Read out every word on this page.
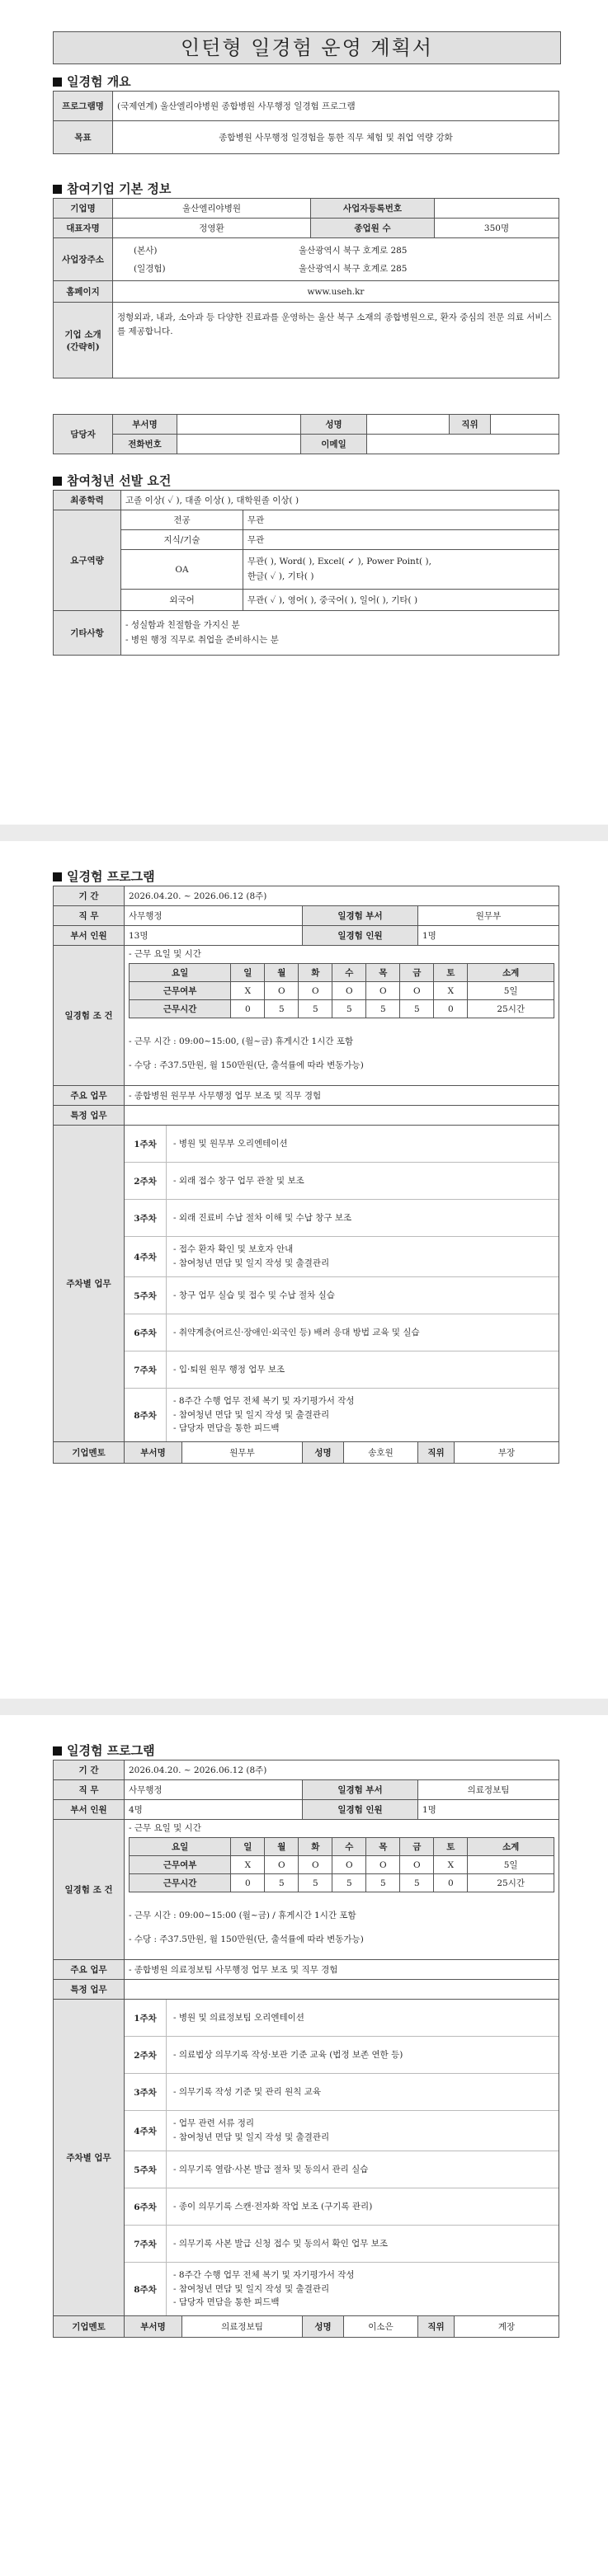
인턴형 일경험 운영 계획서
일경험 개요
프로그램명	(국제연계) 울산엘리야병원 종합병원 사무행정 일경험 프로그램
목표	종합병원 사무행정 일경험을 통한 직무 체험 및 취업 역량 강화
참여기업 기본 정보
기업명	울산엘리야병원	사업자등록번호	
대표자명	정영환	종업원 수	350명
사업장주소	(본사) 울산광역시 북구 호계로 285
(일경험) 울산광역시 북구 호계로 285		

홈페이지	www.useh.kr		
기업 소개 (간략히)	정형외과, 내과, 소아과 등 다양한 진료과를 운영하는 울산 북구 소재의 종합병원으로, 환자 중심의 전문 의료 서비스를 제공합니다.		
담당자	부서명		성명		직위	
	전화번호		이메일			
참여청년 선발 요건
최종학력	고졸 이상( ✓ ), 대졸 이상( ), 대학원졸 이상( )	
요구역량	전공	무관
	지식/기술	무관
	OA	무관( ), Word( ), Excel( ✓ ), Power Point( ),
한글( ✓ ), 기타( )

	외국어	무관( ✓ ), 영어( ), 중국어( ), 일어( ), 기타( )
기타사항	- 성실함과 친절함을 가지신 분
- 병원 행정 직무로 취업을 준비하시는 분	
일경험 프로그램
기 간	2026.04.20. ~ 2026.06.12 (8주)
직 무	사무행정	일경험 부서	원무부
부서 인원	13명	일경험 인원	1명
일경험 조 건	
- 근무 요일 및 시간
요일	일	월	화	수	목	금	토	소계
근무여부	X	O	O	O	O	O	X	5일
근무시간	0	5	5	5	5	5	0	25시간
- 근무 시간 : 09:00~15:00, (월~금) 휴게시간 1시간 포함
- 수당 : 주37.5만원, 월 150만원(단, 출석률에 따라 변동가능)

주요 업무	- 종합병원 원무부 사무행정 업무 보조 및 직무 경험
특정 업무	
주차별 업무	
1주차	- 병원 및 원무부 오리엔테이션
2주차	- 외래 접수 창구 업무 관찰 및 보조
3주차	- 외래 진료비 수납 절차 이해 및 수납 창구 보조
4주차
- 접수 환자 확인 및 보호자 안내
- 참여청년 면담 및 일지 작성 및 출결관리
5주차	- 창구 업무 실습 및 접수 및 수납 절차 실습
6주차	- 취약계층(어르신·장애인·외국인 등) 배려 응대 방법 교육 및 실습
7주차	- 입·퇴원 원무 행정 업무 보조
8주차
- 8주간 수행 업무 전체 복기 및 자기평가서 작성
- 참여청년 면담 및 일지 작성 및 출결관리
- 담당자 면담을 통한 피드백

기업멘토	부서명	원무부	성명	송호원	직위	부장
일경험 프로그램
기 간	2026.04.20. ~ 2026.06.12 (8주)
직 무	사무행정	일경험 부서	의료정보팀
부서 인원	4명	일경험 인원	1명
일경험 조 건	
- 근무 요일 및 시간
요일	일	월	화	수	목	금	토	소계
근무여부	X	O	O	O	O	O	X	5일
근무시간	0	5	5	5	5	5	0	25시간
- 근무 시간 : 09:00~15:00 (월~금) / 휴게시간 1시간 포함
- 수당 : 주37.5만원, 월 150만원(단, 출석률에 따라 변동가능)

주요 업무	- 종합병원 의료정보팀 사무행정 업무 보조 및 직무 경험
특정 업무	
주차별 업무	
1주차	- 병원 및 의료정보팀 오리엔테이션
2주차	- 의료법상 의무기록 작성·보관 기준 교육 (법정 보존 연한 등)
3주차	- 의무기록 작성 기준 및 관리 원칙 교육
4주차
- 업무 관련 서류 정리
- 참여청년 면담 및 일지 작성 및 출결관리
5주차	- 의무기록 열람·사본 발급 절차 및 동의서 관리 실습
6주차	- 종이 의무기록 스캔·전자화 작업 보조 (구기록 관리)
7주차	- 의무기록 사본 발급 신청 접수 및 동의서 확인 업무 보조
8주차
- 8주간 수행 업무 전체 복기 및 자기평가서 작성
- 참여청년 면담 및 일지 작성 및 출결관리
- 담당자 면담을 통한 피드백

기업멘토	부서명	의료정보팀	성명	이소은	직위	계장
